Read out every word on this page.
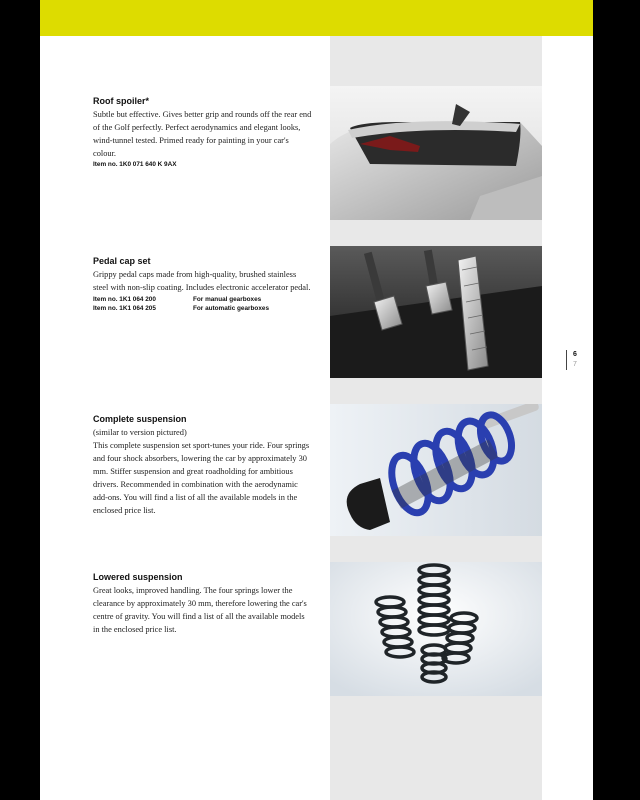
Roof spoiler*

Subtle but effective. Gives better grip and rounds off the rear end of the Golf perfectly. Perfect aerodynamics and elegant looks, wind-tunnel tested. Primed ready for painting in your car's colour.

Item no. 1K0 071 640 K 9AX

Pedal cap set

Grippy pedal caps made from high-quality, brushed stainless steel with non-slip coating. Includes electronic accelerator pedal.

Item no. 1K1 064 200	For manual gearboxes
Item no. 1K1 064 205	For automatic gearboxes

Complete suspension

(similar to version pictured)

This complete suspension set sport-tunes your ride. Four springs and four shock absorbers, lowering the car by approximately 30 mm. Stiffer suspension and great roadholding for ambitious drivers. Recommended in combination with the aerodynamic add-ons. You will find a list of all the available models in the enclosed price list.

Lowered suspension

Great looks, improved handling. The four springs lower the clearance by approximately 30 mm, therefore lowering the car's centre of gravity. You will find a list of all the available models in the enclosed price list.

6
7
